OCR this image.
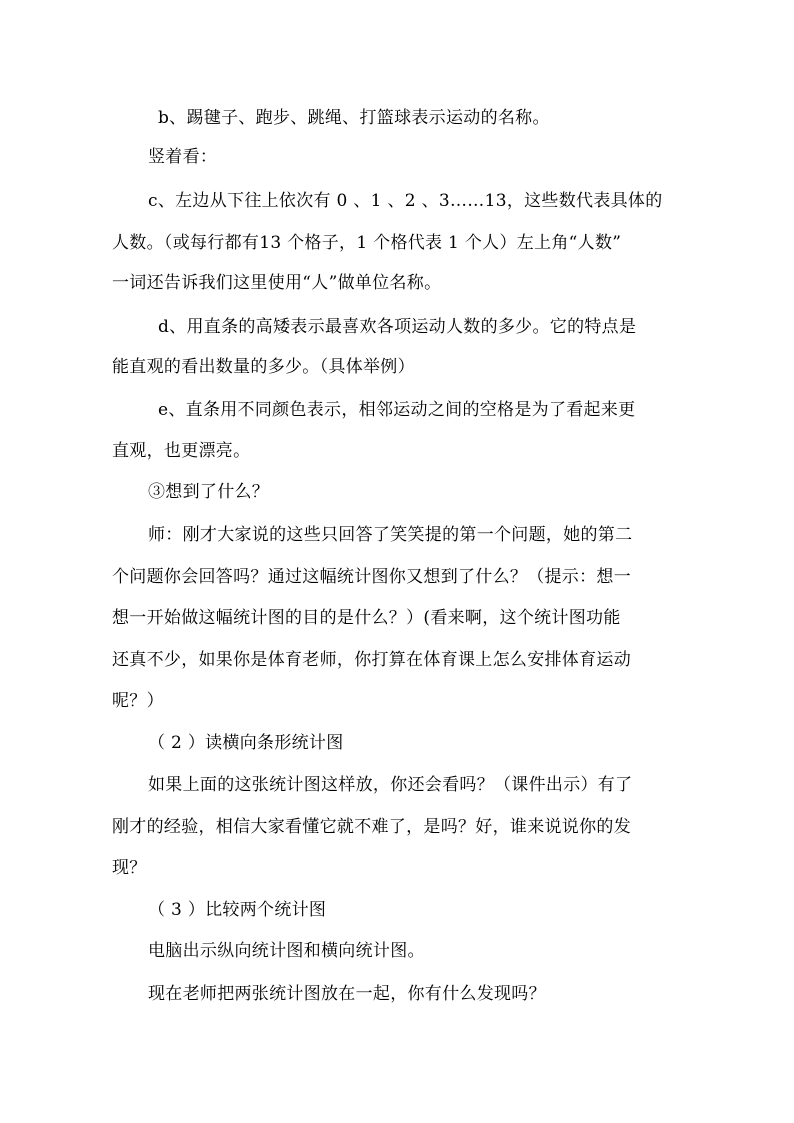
b、踢毽子、跑步、跳绳、打篮球表示运动的名称。
竖着看：
c、左边从下往上依次有 0 、1 、2 、3……13，这些数代表具体的
人数。（或每行都有13 个格子，1 个格代表 1 个人）左上角“人数”
一词还告诉我们这里使用“人”做单位名称。
d、用直条的高矮表示最喜欢各项运动人数的多少。它的特点是
能直观的看出数量的多少。（具体举例）
e、直条用不同颜色表示，相邻运动之间的空格是为了看起来更
直观，也更漂亮。
③想到了什么？
师：刚才大家说的这些只回答了笑笑提的第一个问题，她的第二
个问题你会回答吗？通过这幅统计图你又想到了什么？（提示：想一
想一开始做这幅统计图的目的是什么？）(看来啊，这个统计图功能
还真不少，如果你是体育老师，你打算在体育课上怎么安排体育运动
呢？）
（ 2 ）读横向条形统计图
如果上面的这张统计图这样放，你还会看吗？（课件出示）有了
刚才的经验，相信大家看懂它就不难了，是吗？好，谁来说说你的发
现？
（ 3 ）比较两个统计图
电脑出示纵向统计图和横向统计图。
现在老师把两张统计图放在一起，你有什么发现吗？
